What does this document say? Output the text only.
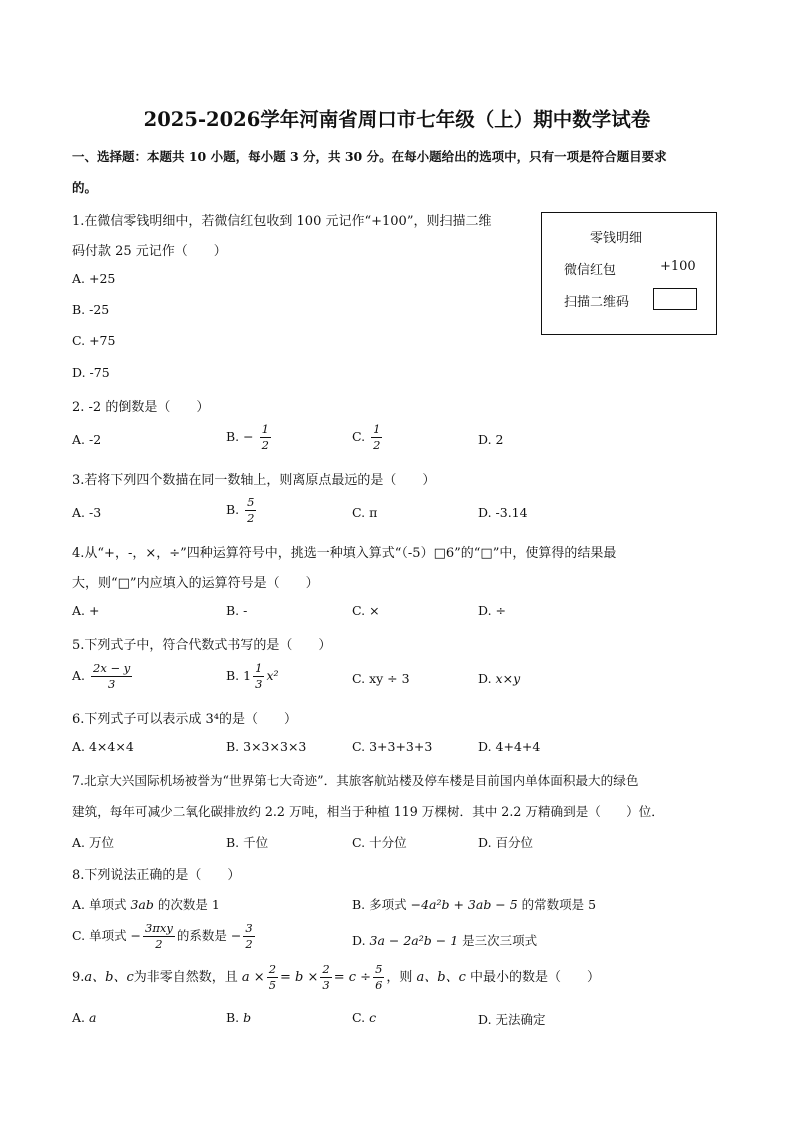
2025-2026学年河南省周口市七年级（上）期中数学试卷
一、选择题：本题共 10 小题，每小题 3 分，共 30 分。在每小题给出的选项中，只有一项是符合题目要求
的。
1.在微信零钱明细中，若微信红包收到 100 元记作“+100”，则扫描二维
码付款 25 元记作（　　）
A. +25
B. -25
C. +75
D. -75
零钱明细
微信红包	+100
扫描二维码
2. -2 的倒数是（　　）
A. -2	B. − $\frac{1}{2}$	C. $\frac{1}{2}$	D. 2
3.若将下列四个数描在同一数轴上，则离原点最远的是（　　）
A. -3	B. $\frac{5}{2}$	C. π	D. -3.14
4.从“+，-，×，÷”四种运算符号中，挑选一种填入算式“（-5）□6”的“□”中，使算得的结果最
大，则“□”内应填入的运算符号是（　　）
A. +	B. -	C. ×	D. ÷
5.下列式子中，符合代数式书写的是（　　）
A. $\frac{2x - y}{3}$	B. $1 \frac{1}{3} x^2$	C. xy ÷ 3	D. x×y
6.下列式子可以表示成 3⁴的是（　　）
A. 4×4×4	B. 3×3×3×3	C. 3+3+3+3	D. 4+4+4
7.北京大兴国际机场被誉为“世界第七大奇迹”．其旅客航站楼及停车楼是目前国内单体面积最大的绿色
建筑，每年可减少二氧化碳排放约 2.2 万吨，相当于种植 119 万棵树．其中 2.2 万精确到是（　　）位．
A. 万位	B. 千位	C. 十分位	D. 百分位
8.下列说法正确的是（　　）
A. 单项式 3ab 的次数是 1	B. 多项式 −4a²b + 3ab − 5 的常数项是 5
C. 单项式 − $\frac{\text{3πxy}}{2}$ 的系数是 − $\frac{3}{2}$	D. 3a − 2a²b − 1 是三次三项式
9.a、b、c为非零自然数，且 $a \times \frac{2}{5} = b \times \frac{2}{3} = c \div \frac{5}{6}$ ，则 a、b、c 中最小的数是（　　）
A. a	B. b	C. c	D. 无法确定
